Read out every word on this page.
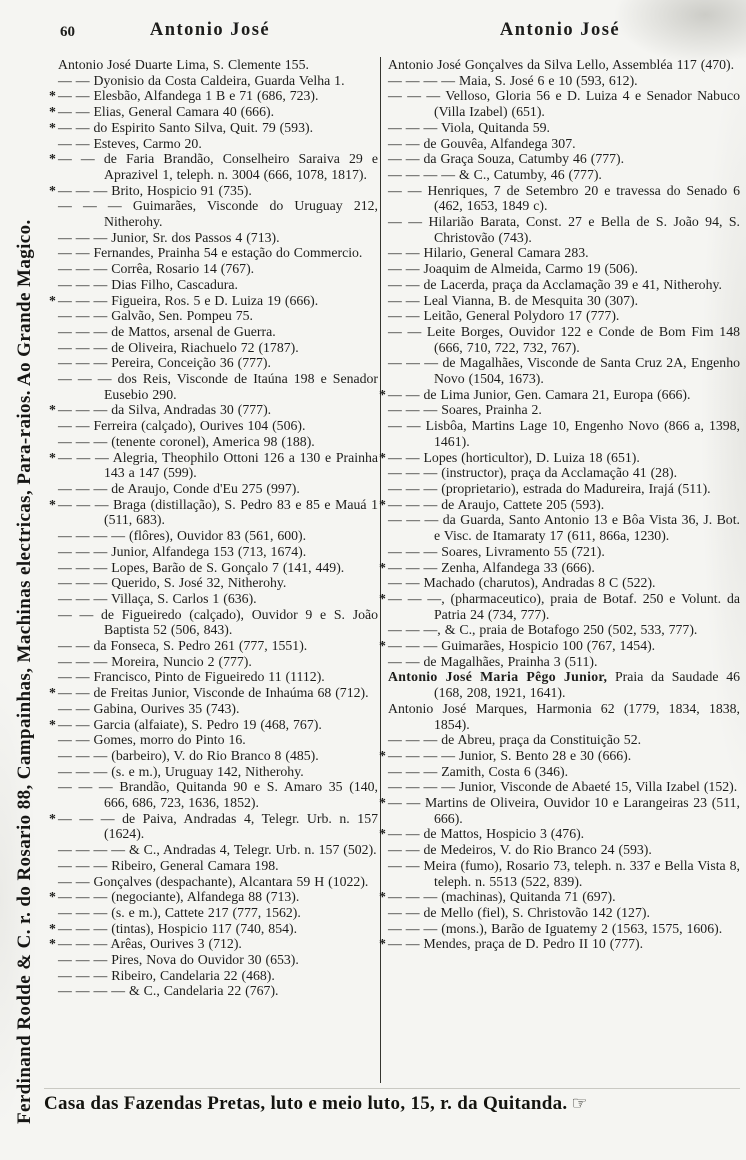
Ferdinand Rodde & C. r. do Rosario 88, Campainhas, Machinas electricas, Para-raios. Ao Grande Magico.
60	Antonio José	Antonio José

Antonio José Duarte Lima, S. Clemente 155.

— — Dyonisio da Costa Caldeira, Guarda Velha 1.

* — — Elesbão, Alfandega 1 B e 71 (686, 723).

* — — Elias, General Camara 40 (666).

* — — do Espirito Santo Silva, Quit. 79 (593).

— — Esteves, Carmo 20.

* — — de Faria Brandão, Conselheiro Saraiva 29 e Aprazivel 1, teleph. n. 3004 (666, 1078, 1817).

* — — — Brito, Hospicio 91 (735).

— — — Guimarães, Visconde do Uruguay 212, Nitherohy.

— — — Junior, Sr. dos Passos 4 (713).

— — Fernandes, Prainha 54 e estação do Commercio.

— — — Corrêa, Rosario 14 (767).

— — — Dias Filho, Cascadura.

* — — — Figueira, Ros. 5 e D. Luiza 19 (666).

— — — Galvão, Sen. Pompeu 75.

— — — de Mattos, arsenal de Guerra.

— — — de Oliveira, Riachuelo 72 (1787).

— — — Pereira, Conceição 36 (777).

— — — dos Reis, Visconde de Itaúna 198 e Senador Eusebio 290.

* — — — da Silva, Andradas 30 (777).

— — Ferreira (calçado), Ourives 104 (506).

— — — (tenente coronel), America 98 (188).

* — — — Alegria, Theophilo Ottoni 126 a 130 e Prainha 143 a 147 (599).

— — — de Araujo, Conde d'Eu 275 (997).

* — — — Braga (distillação), S. Pedro 83 e 85 e Mauá 1 (511, 683).

— — — — (flôres), Ouvidor 83 (561, 600).

— — — Junior, Alfandega 153 (713, 1674).

— — — Lopes, Barão de S. Gonçalo 7 (141, 449).

— — — Querido, S. José 32, Nitherohy.

— — — Villaça, S. Carlos 1 (636).

— — de Figueiredo (calçado), Ouvidor 9 e S. João Baptista 52 (506, 843).

— — da Fonseca, S. Pedro 261 (777, 1551).

— — — Moreira, Nuncio 2 (777).

— — Francisco, Pinto de Figueiredo 11 (1112).

* — — de Freitas Junior, Visconde de Inhaúma 68 (712).

— — Gabina, Ourives 35 (743).

* — — Garcia (alfaiate), S. Pedro 19 (468, 767).

— — Gomes, morro do Pinto 16.

— — — (barbeiro), V. do Rio Branco 8 (485).

— — — (s. e m.), Uruguay 142, Nitherohy.

— — — Brandão, Quitanda 90 e S. Amaro 35 (140, 666, 686, 723, 1636, 1852).

* — — — de Paiva, Andradas 4, Telegr. Urb. n. 157 (1624).

— — — — & C., Andradas 4, Telegr. Urb. n. 157 (502).

— — — Ribeiro, General Camara 198.

— — Gonçalves (despachante), Alcantara 59 H (1022).

* — — — (negociante), Alfandega 88 (713).

— — — (s. e m.), Cattete 217 (777, 1562).

* — — — (tintas), Hospicio 117 (740, 854).

* — — — Arêas, Ourives 3 (712).

— — — Pires, Nova do Ouvidor 30 (653).

— — — Ribeiro, Candelaria 22 (468).

— — — — & C., Candelaria 22 (767).

Antonio José Gonçalves da Silva Lello, Assembléa 117 (470).

— — — — Maia, S. José 6 e 10 (593, 612).

— — — Velloso, Gloria 56 e D. Luiza 4 e Senador Nabuco (Villa Izabel) (651).

— — — Viola, Quitanda 59.

— — de Gouvêa, Alfandega 307.

— — da Graça Souza, Catumby 46 (777).

— — — — & C., Catumby, 46 (777).

— — Henriques, 7 de Setembro 20 e travessa do Senado 6 (462, 1653, 1849 c).

— — Hilarião Barata, Const. 27 e Bella de S. João 94, S. Christovão (743).

— — Hilario, General Camara 283.

— — Joaquim de Almeida, Carmo 19 (506).

— — de Lacerda, praça da Acclamação 39 e 41, Nitherohy.

— — Leal Vianna, B. de Mesquita 30 (307).

— — Leitão, General Polydoro 17 (777).

— — Leite Borges, Ouvidor 122 e Conde de Bom Fim 148 (666, 710, 722, 732, 767).

— — — de Magalhães, Visconde de Santa Cruz 2A, Engenho Novo (1504, 1673).

* — — de Lima Junior, Gen. Camara 21, Europa (666).

— — — Soares, Prainha 2.

— — Lisbôa, Martins Lage 10, Engenho Novo (866 a, 1398, 1461).

* — — Lopes (horticultor), D. Luiza 18 (651).

— — — (instructor), praça da Acclamação 41 (28).

— — — (proprietario), estrada do Madureira, Irajá (511).

* — — — de Araujo, Cattete 205 (593).

— — — da Guarda, Santo Antonio 13 e Bôa Vista 36, J. Bot. e Visc. de Itamaraty 17 (611, 866a, 1230).

— — — Soares, Livramento 55 (721).

* — — — Zenha, Alfandega 33 (666).

— — Machado (charutos), Andradas 8 C (522).

* — — —, (pharmaceutico), praia de Botaf. 250 e Volunt. da Patria 24 (734, 777).

— — —, & C., praia de Botafogo 250 (502, 533, 777).

* — — — Guimarães, Hospicio 100 (767, 1454).

— — de Magalhães, Prainha 3 (511).

Antonio José Maria Pêgo Junior, Praia da Saudade 46 (168, 208, 1921, 1641).

Antonio José Marques, Harmonia 62 (1779, 1834, 1838, 1854).

— — — de Abreu, praça da Constituição 52.

* — — — — Junior, S. Bento 28 e 30 (666).

— — — Zamith, Costa 6 (346).

— — — — Junior, Visconde de Abaeté 15, Villa Izabel (152).

* — — Martins de Oliveira, Ouvidor 10 e Larangeiras 23 (511, 666).

* — — de Mattos, Hospicio 3 (476).

— — de Medeiros, V. do Rio Branco 24 (593).

— — Meira (fumo), Rosario 73, teleph. n. 337 e Bella Vista 8, teleph. n. 5513 (522, 839).

* — — — (machinas), Quitanda 71 (697).

— — de Mello (fiel), S. Christovão 142 (127).

— — — (mons.), Barão de Iguatemy 2 (1563, 1575, 1606).

* — — Mendes, praça de D. Pedro II 10 (777).

Casa das Fazendas Pretas, luto e meio luto, 15, r. da Quitanda. ☞
